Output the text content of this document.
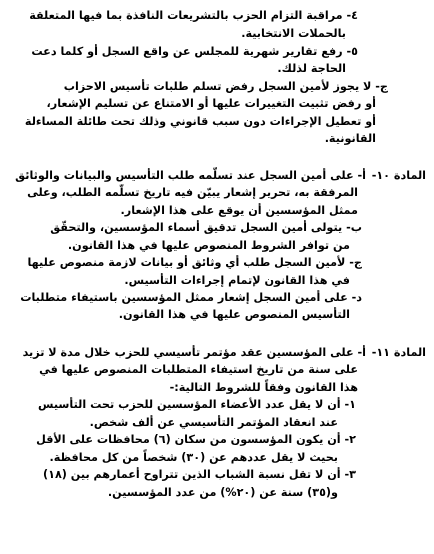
٤- مراقبة التزام الحزب بالتشريعات النافذة بما فيها المتعلقة
بالحملات الانتخابية.
٥- رفع تقارير شهرية للمجلس عن واقع السجل أو كلما دعت
الحاجة لذلك.
ج- لا يجوز لأمين السجل رفض تسلم طلبات تأسيس الاحزاب
أو رفض تثبيت التغييرات عليها أو الامتناع عن تسليم الإشعار،
أو تعطيل الإجراءات دون سبب قانوني وذلك تحت طائلة المساءلة
القانونية.
المادة ١٠-
أ- على أمين السجل عند تسلّمه طلب التأسيس والبيانات والوثائق
المرفقة به، تحرير إشعار يبيّن فيه تاريخ تسلّمه الطلب، وعلى
ممثل المؤسسين أن يوقع على هذا الإشعار.
ب- يتولى أمين السجل تدقيق أسماء المؤسسين، والتحقّق
من توافر الشروط المنصوص عليها في هذا القانون.
ج- لأمين السجل طلب أي وثائق أو بيانات لازمة منصوص عليها
في هذا القانون لإتمام إجراءات التأسيس.
د- على أمين السجل إشعار ممثل المؤسسين باستيفاء متطلبات
التأسيس المنصوص عليها في هذا القانون.
المادة ١١-
أ- على المؤسسين عقد مؤتمر تأسيسي للحزب خلال مدة لا تزيد
على سنة من تاريخ استيفاء المتطلبات المنصوص عليها في
هذا القانون وفقاً للشروط التالية:-
١- أن لا يقل عدد الأعضاء المؤسسين للحزب تحت التأسيس
عند انعقاد المؤتمر التأسيسي عن ألف شخص.
٢- أن يكون المؤسسون من سكان (٦) محافظات على الأقل
بحيث لا يقل عددهم عن (٣٠) شخصاً من كل محافظة.
٣- أن لا تقل نسبة الشباب الذين تتراوح أعمارهم بين (١٨)
و(٣٥) سنة عن (٢٠%) من عدد المؤسسين.
